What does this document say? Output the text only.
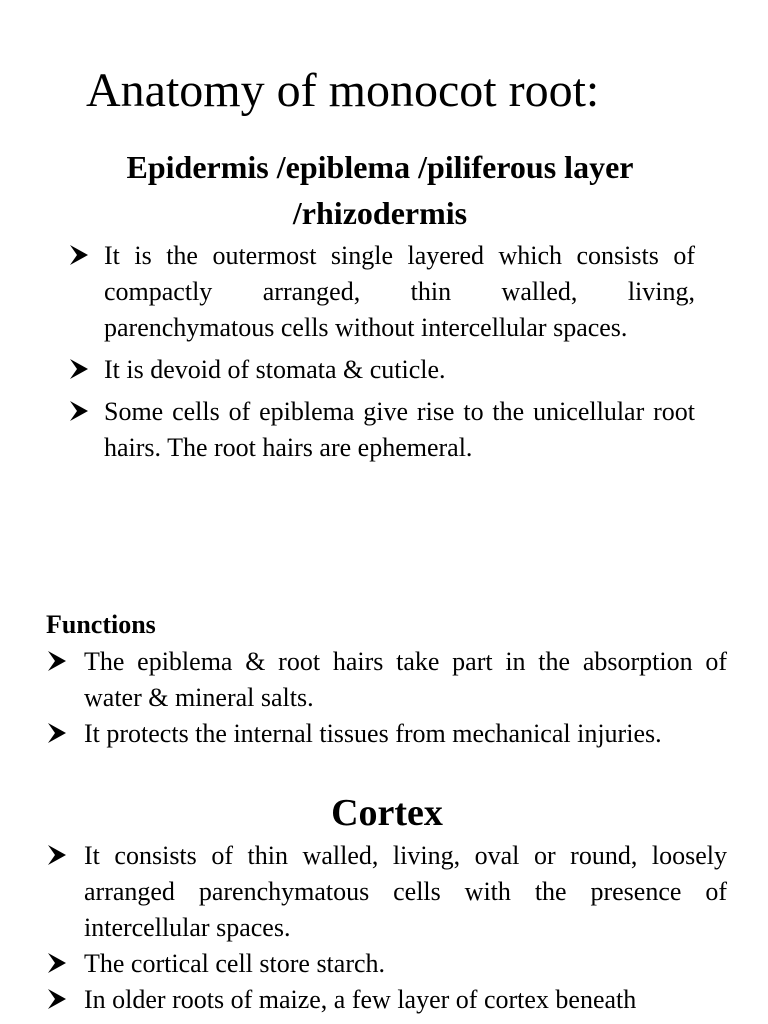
Anatomy of monocot root:
Epidermis /epiblema /piliferous layer /rhizodermis
It is the outermost single layered which consists of compactly arranged, thin walled, living, parenchymatous cells without intercellular spaces.
It is devoid of stomata & cuticle.
Some cells of epiblema give rise to the unicellular root hairs. The root hairs are ephemeral.

Functions

The epiblema & root hairs take part in the absorption of water & mineral salts.
It protects the internal tissues from mechanical injuries.
Cortex
It consists of thin walled, living, oval or round, loosely arranged parenchymatous cells with the presence of intercellular spaces.
The cortical cell store starch.
In older roots of maize, a few layer of cortex beneath
